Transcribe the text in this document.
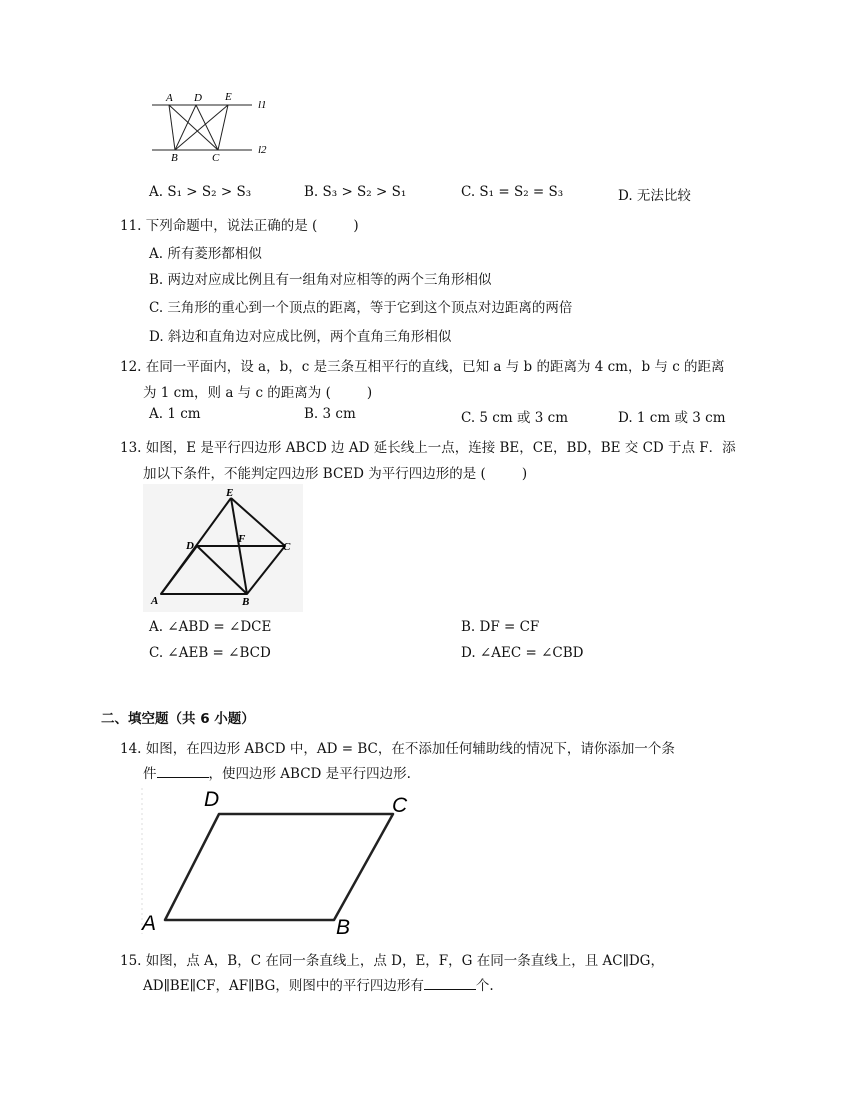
A D E
l1
B	C
l2
A. S₁ > S₂ > S₃	B. S₃ > S₂ > S₁	C. S₁ = S₂ = S₃	D. 无法比较
11. 下列命题中，说法正确的是 (	)
A. 所有菱形都相似
B. 两边对应成比例且有一组角对应相等的两个三角形相似
C. 三角形的重心到一个顶点的距离，等于它到这个顶点对边距离的两倍
D. 斜边和直角边对应成比例，两个直角三角形相似
12. 在同一平面内，设 a，b，c 是三条互相平行的直线，已知 a 与 b 的距离为 4 cm，b 与 c 的距离
为 1 cm，则 a 与 c 的距离为 (	)
A. 1 cm	B. 3 cm	C. 5 cm 或 3 cm	D. 1 cm 或 3 cm
13. 如图，E 是平行四边形 ABCD 边 AD 延长线上一点，连接 BE，CE，BD，BE 交 CD 于点 F．添
加以下条件，不能判定四边形 BCED 为平行四边形的是 (	)
E
D
F
C
A	B
A. ∠ABD = ∠DCE	B. DF = CF
C. ∠AEB = ∠BCD	D. ∠AEC = ∠CBD
二、填空题（共 6 小题）
14. 如图，在四边形 ABCD 中，AD = BC，在不添加任何辅助线的情况下，请你添加一个条
件	，使四边形 ABCD 是平行四边形.
D	C
A	B
15. 如图，点 A，B，C 在同一条直线上，点 D，E，F，G 在同一条直线上，且 AC∥DG，
AD∥BE∥CF，AF∥BG，则图中的平行四边形有	个.
